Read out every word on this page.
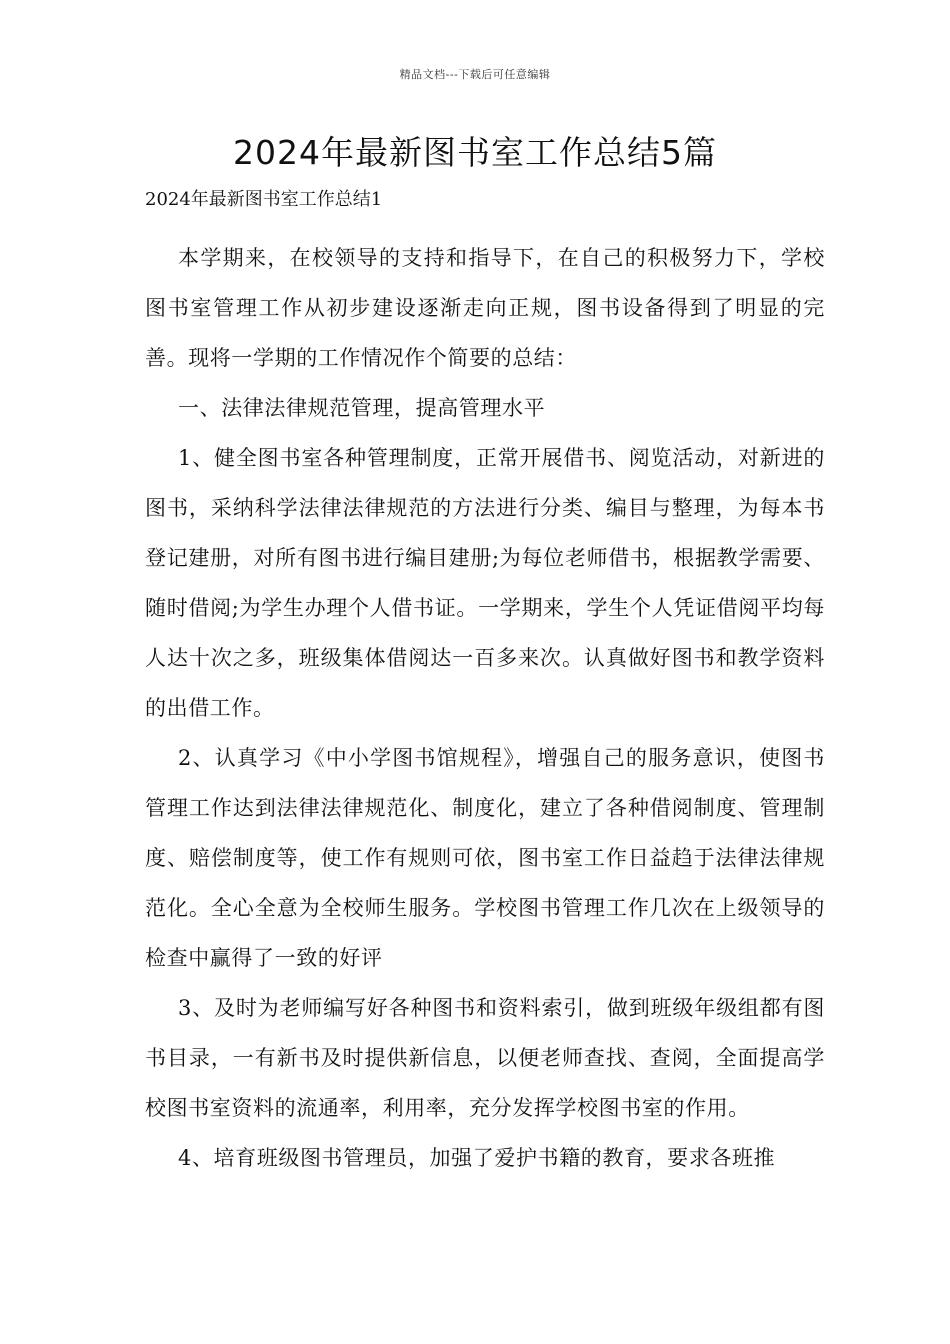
精品文档---下载后可任意编辑
2024年最新图书室工作总结5篇

2024年最新图书室工作总结1

本学期来，在校领导的支持和指导下，在自己的积极努力下，学校图书室管理工作从初步建设逐渐走向正规，图书设备得到了明显的完善。现将一学期的工作情况作个简要的总结：

一、法律法律规范管理，提高管理水平

1、健全图书室各种管理制度，正常开展借书、阅览活动，对新进的图书，采纳科学法律法律规范的方法进行分类、编目与整理，为每本书登记建册，对所有图书进行编目建册;为每位老师借书，根据教学需要、随时借阅;为学生办理个人借书证。一学期来，学生个人凭证借阅平均每人达十次之多，班级集体借阅达一百多来次。认真做好图书和教学资料的出借工作。

2、认真学习《中小学图书馆规程》，增强自己的服务意识，使图书管理工作达到法律法律规范化、制度化，建立了各种借阅制度、管理制度、赔偿制度等，使工作有规则可依，图书室工作日益趋于法律法律规范化。全心全意为全校师生服务。学校图书管理工作几次在上级领导的检查中赢得了一致的好评

3、及时为老师编写好各种图书和资料索引，做到班级年级组都有图书目录，一有新书及时提供新信息，以便老师查找、查阅，全面提高学校图书室资料的流通率，利用率，充分发挥学校图书室的作用。

4、培育班级图书管理员，加强了爱护书籍的教育，要求各班推
